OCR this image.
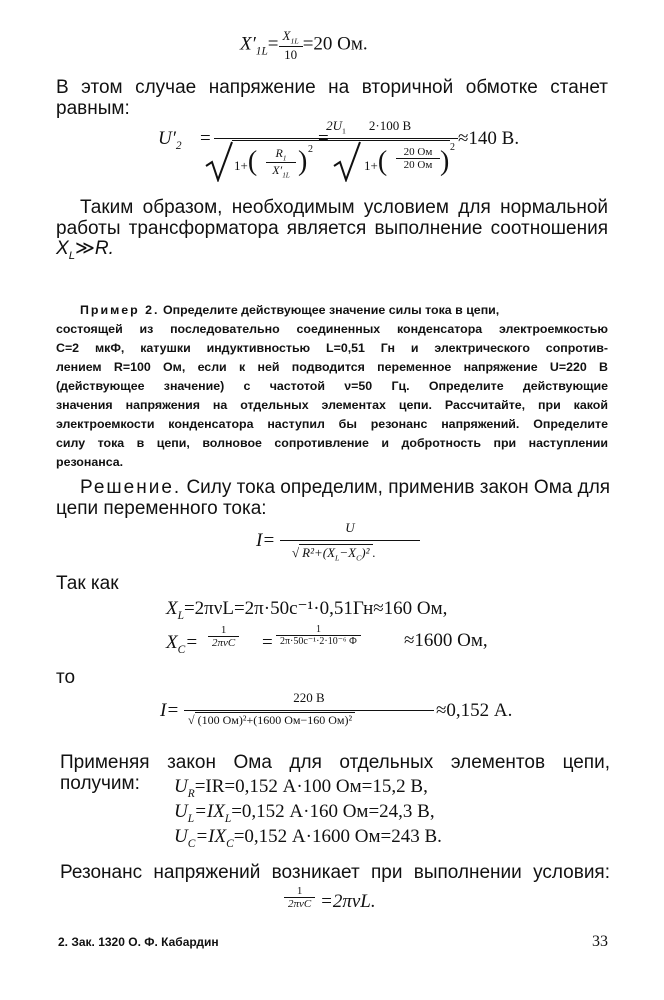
$X'_{1L}= \frac{X_{1L}}{10} =20$ Ом.
В этом случае напряжение на вторичной обмотке станет
равным:
$U'_2$ =
$2U_1$
1+(	$R_1$
$X'_{1L}$ ) 2
=
2·100 В
1+(	20 Ом
20 Ом ) 2 ≈140 В.
Таким образом, необходимым условием для нормальной
работы трансформатора является выполнение соотношения
$X_L≫R$.
Пример 2. Определите действующее значение силы тока в цепи,
состоящей из последовательно соединенных конденсатора электроемкостью
C=2 мкФ, катушки индуктивностью L=0,51 Гн и электрического сопротив-
лением R=100 Ом, если к ней подводится переменное напряжение U=220 В
(действующее значение) с частотой ν=50 Гц. Определите действующие
значения напряжения на отдельных элементах цепи. Рассчитайте, при какой
электроемкости конденсатора наступил бы резонанс напряжений. Определите
силу тока в цепи, волновое сопротивление и добротность при наступлении
резонанса.
Решение. Силу тока определим, применив закон Ома для
цепи переменного тока:
I=
U
√ $R^2+(X_L-X_C)^2$ .
Так как
$X_L=2\pi\nu L=2\pi\cdot 50с^{-1}\cdot 0,51Гн\approx 160$ Ом,
$X_C=$
1
2πνC =
1
2π·50с⁻¹·2·10⁻⁶ Ф ≈1600 Ом,
то
I=
220 В
√ (100 Ом)²+(1600 Ом−160 Ом)²	≈0,152 А.
Применяя закон Ома для отдельных элементов цепи, получим:	$U_R=IR=0,152$ А·100 Ом=15,2 В,
$U_L=IX_L=0,152$ А·160 Ом=24,3 В,
$U_C=IX_C=0,152$ А·1600 Ом=243 В.
Резонанс напряжений возникает при выполнении условия:
1
2πνC =2πνL.
2. Зак. 1320 О. Ф. Кабардин	33
